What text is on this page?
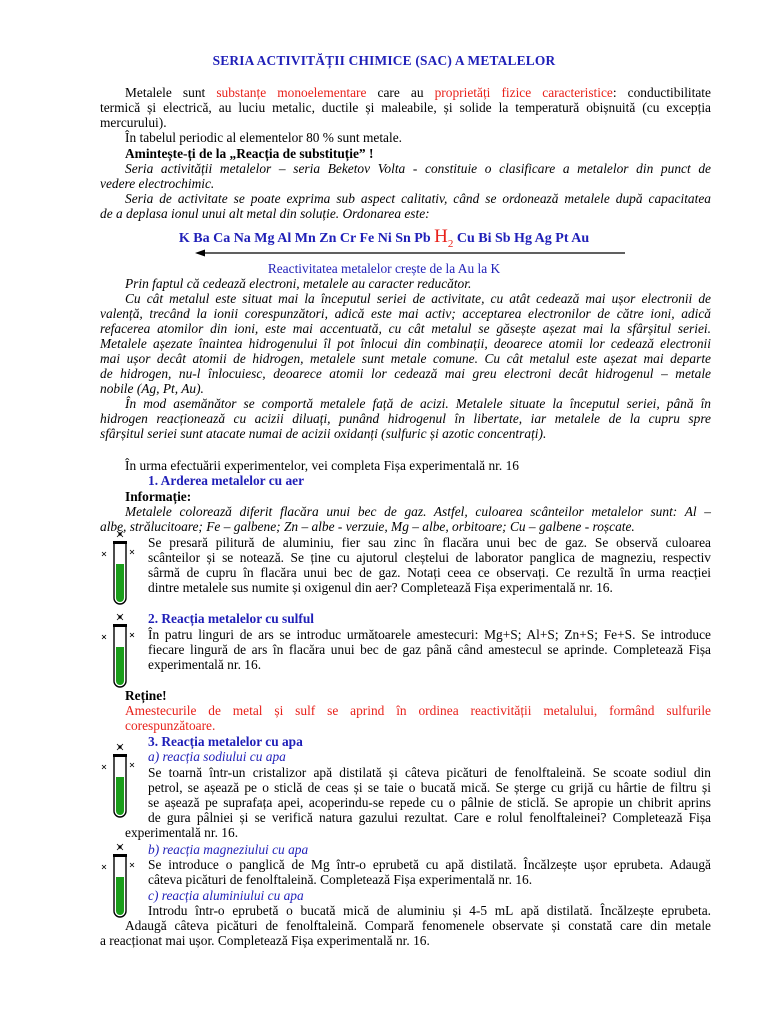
SERIA ACTIVITĂȚII CHIMICE (SAC) A METALELOR
Metalele sunt substanțe monoelementare care au proprietăți fizice caracteristice: conductibilitate
termică și electrică, au luciu metalic, ductile și maleabile, și solide la temperatură obișnuită (cu excepția
mercurului).
În tabelul periodic al elementelor 80 % sunt metale.
Amintește-ți de la „Reacția de substituție” !
Seria activității metalelor – seria Beketov Volta - constituie o clasificare a metalelor din punct de
vedere electrochimic.
Seria de activitate se poate exprima sub aspect calitativ, când se ordonează metalele după capacitatea
de a deplasa ionul unui alt metal din soluție. Ordonarea este:
K Ba Ca Na Mg Al Mn Zn Cr Fe Ni Sn Pb $H_2$ Cu Bi Sb Hg Ag Pt Au
Reactivitatea metalelor crește de la Au la K
Prin faptul că cedează electroni, metalele au caracter reducător.
Cu cât metalul este situat mai la începutul seriei de activitate, cu atât cedează mai ușor electronii de
valență, trecând la ionii corespunzători, adică este mai activ; acceptarea electronilor de către ioni, adică
refacerea atomilor din ioni, este mai accentuată, cu cât metalul se găsește așezat mai la sfârșitul seriei.
Metalele așezate înaintea hidrogenului îl pot înlocui din combinații, deoarece atomii lor cedează electronii
mai ușor decât atomii de hidrogen, metalele sunt metale comune. Cu cât metalul este așezat mai departe
de hidrogen, nu-l înlocuiesc, deoarece atomii lor cedează mai greu electroni decât hidrogenul – metale
nobile (Ag, Pt, Au).
În mod asemănător se comportă metalele față de acizi. Metalele situate la începutul seriei, până în
hidrogen reacționează cu acizii diluați, punând hidrogenul în libertate, iar metalele de la cupru spre
sfârșitul seriei sunt atacate numai de acizii oxidanți (sulfuric și azotic concentrați).
În urma efectuării experimentelor, vei completa Fișa experimentală nr. 16
1. Arderea metalelor cu aer
Informație:
Metalele colorează diferit flacăra unui bec de gaz. Astfel, culoarea scânteilor metalelor sunt: Al –
albe, strălucitoare; Fe – galbene; Zn – albe - verzuie, Mg – albe, orbitoare; Cu – galbene - roșcate.
Se presară pilitură de aluminiu, fier sau zinc în flacăra unui bec de gaz. Se observă culoarea
scânteilor și se notează. Se ține cu ajutorul cleștelui de laborator panglica de magneziu, respectiv
sârmă de cupru în flacăra unui bec de gaz. Notați ceea ce observați. Ce rezultă în urma reacției
dintre metalele sus numite și oxigenul din aer? Completează Fișa experimentală nr. 16.
2. Reacția metalelor cu sulful
În patru linguri de ars se introduc următoarele amestecuri: Mg+S; Al+S; Zn+S; Fe+S. Se introduce
fiecare lingură de ars în flacăra unui bec de gaz până când amestecul se aprinde. Completează Fișa
experimentală nr. 16.
Reține!
Amestecurile de metal și sulf se aprind în ordinea reactivității metalului, formând sulfurile
corespunzătoare.
3. Reacția metalelor cu apa
a) reacția sodiului cu apa
Se toarnă într-un cristalizor apă distilată și câteva picături de fenolftaleină. Se scoate sodiul din
petrol, se așează pe o sticlă de ceas și se taie o bucată mică. Se șterge cu grijă cu hârtie de filtru și
se așează pe suprafața apei, acoperindu-se repede cu o pâlnie de sticlă. Se apropie un chibrit aprins
de gura pâlniei și se verifică natura gazului rezultat. Care e rolul fenolftaleinei? Completează Fișa
experimentală nr. 16.
b) reacția magneziului cu apa
Se introduce o panglică de Mg într-o eprubetă cu apă distilată. Încălzește ușor eprubeta. Adaugă
câteva picături de fenolftaleină. Completează Fișa experimentală nr. 16.
c) reacția aluminiului cu apa
Introdu într-o eprubetă o bucată mică de aluminiu și 4-5 mL apă distilată. Încălzește eprubeta.
Adaugă câteva picături de fenolftaleină. Compară fenomenele observate și constată care din metale
a reacționat mai ușor. Completează Fișa experimentală nr. 16.
